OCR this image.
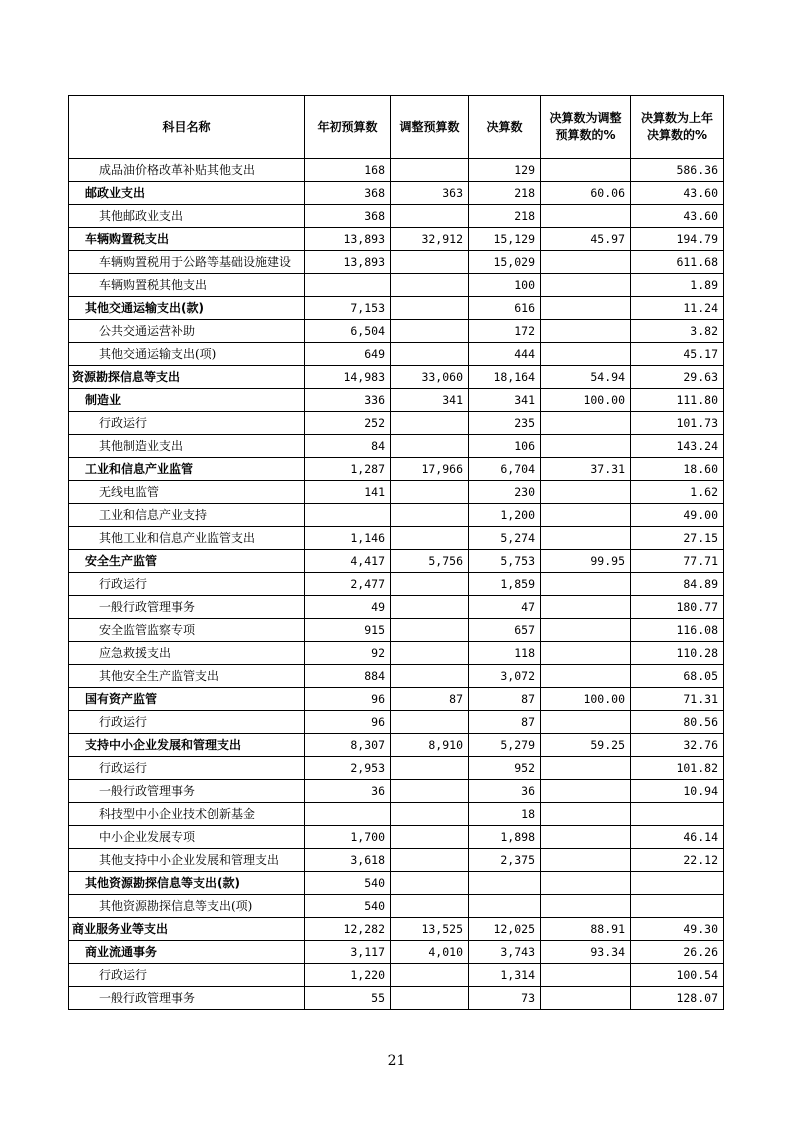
科目名称	年初预算数	调整预算数	决算数	决算数为调整预算数的%	决算数为上年决算数的%
成品油价格改革补贴其他支出	168		129		586.36
邮政业支出	368	363	218	60.06	43.60
其他邮政业支出	368		218		43.60
车辆购置税支出	13,893	32,912	15,129	45.97	194.79
车辆购置税用于公路等基础设施建设	13,893		15,029		611.68
车辆购置税其他支出			100		1.89
其他交通运输支出(款)	7,153		616		11.24
公共交通运营补助	6,504		172		3.82
其他交通运输支出(项)	649		444		45.17
资源勘探信息等支出	14,983	33,060	18,164	54.94	29.63
制造业	336	341	341	100.00	111.80
行政运行	252		235		101.73
其他制造业支出	84		106		143.24
工业和信息产业监管	1,287	17,966	6,704	37.31	18.60
无线电监管	141		230		1.62
工业和信息产业支持			1,200		49.00
其他工业和信息产业监管支出	1,146		5,274		27.15
安全生产监管	4,417	5,756	5,753	99.95	77.71
行政运行	2,477		1,859		84.89
一般行政管理事务	49		47		180.77
安全监管监察专项	915		657		116.08
应急救援支出	92		118		110.28
其他安全生产监管支出	884		3,072		68.05
国有资产监管	96	87	87	100.00	71.31
行政运行	96		87		80.56
支持中小企业发展和管理支出	8,307	8,910	5,279	59.25	32.76
行政运行	2,953		952		101.82
一般行政管理事务	36		36		10.94
科技型中小企业技术创新基金			18		
中小企业发展专项	1,700		1,898		46.14
其他支持中小企业发展和管理支出	3,618		2,375		22.12
其他资源勘探信息等支出(款)	540				
其他资源勘探信息等支出(项)	540				
商业服务业等支出	12,282	13,525	12,025	88.91	49.30
商业流通事务	3,117	4,010	3,743	93.34	26.26
行政运行	1,220		1,314		100.54
一般行政管理事务	55		73		128.07
21
